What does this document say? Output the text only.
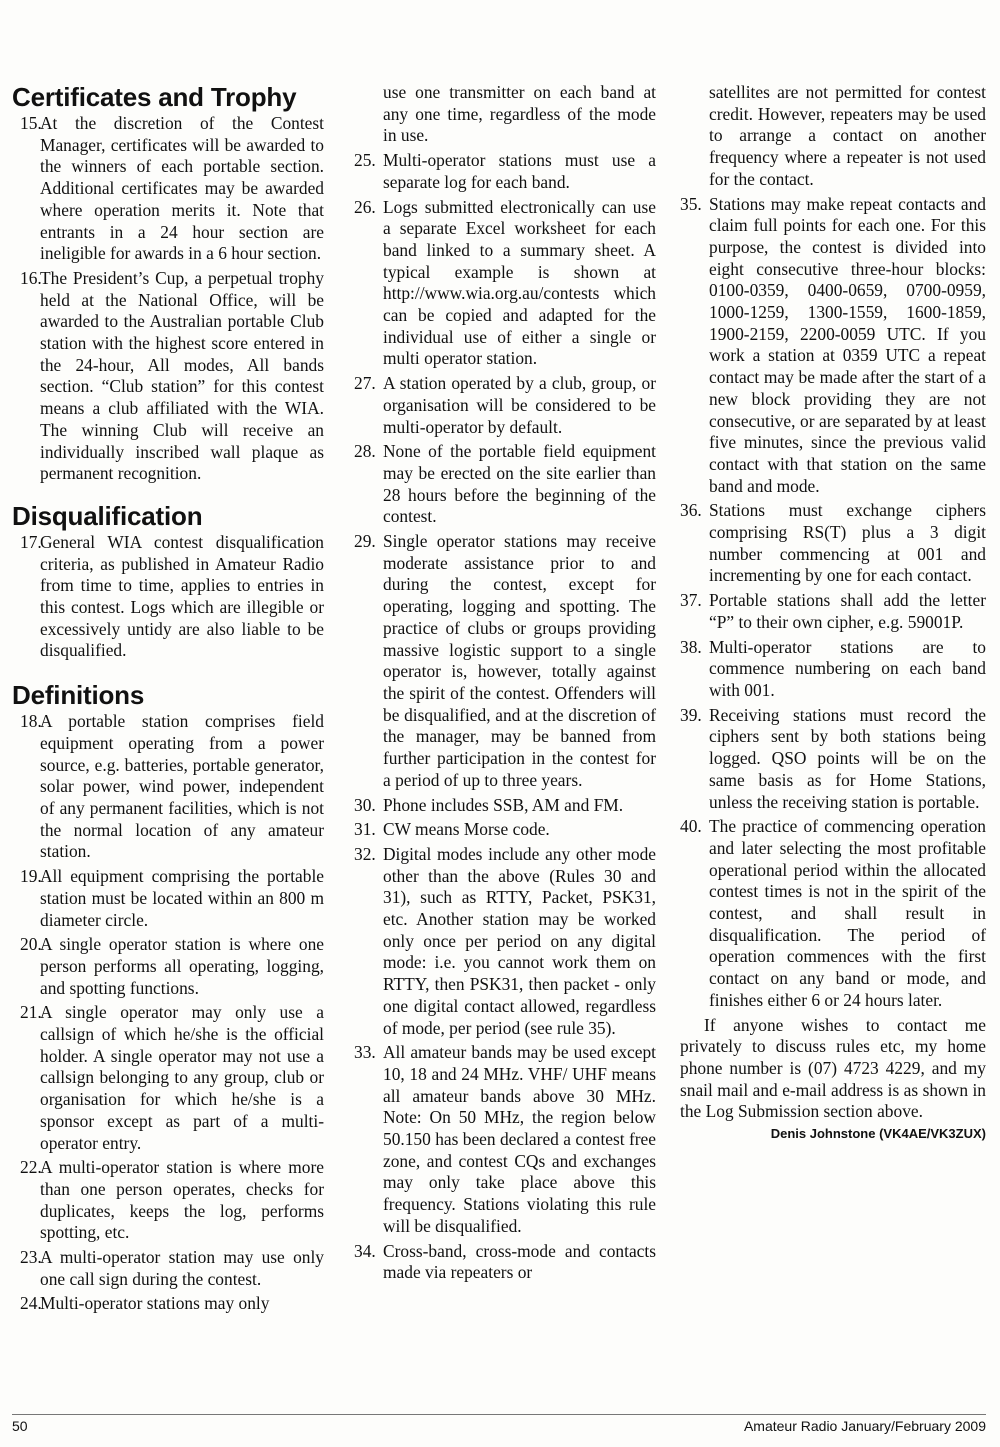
Certificates and Trophy

15.At the discretion of the Contest Manager, certificates will be awarded to the winners of each portable section. Additional certificates may be awarded where operation merits it. Note that entrants in a 24 hour section are ineligible for awards in a 6 hour section.

16.The President’s Cup, a perpetual trophy held at the National Office, will be awarded to the Australian portable Club station with the highest score entered in the 24-hour, All modes, All bands section. “Club station” for this contest means a club affiliated with the WIA. The winning Club will receive an individually inscribed wall plaque as permanent recognition.

Disqualification

17.General WIA contest disqualification criteria, as published in Amateur Radio from time to time, applies to entries in this contest. Logs which are illegible or excessively untidy are also liable to be disqualified.

Definitions

18.A portable station comprises field equipment operating from a power source, e.g. batteries, portable generator, solar power, wind power, independent of any permanent facilities, which is not the normal location of any amateur station.

19.All equipment comprising the portable station must be located within an 800 m diameter circle.

20.A single operator station is where one person performs all operating, logging, and spotting functions.

21.A single operator may only use a callsign of which he/she is the official holder. A single operator may not use a callsign belonging to any group, club or organisation for which he/she is a sponsor except as part of a multi-operator entry.

22.A multi-operator station is where more than one person operates, checks for duplicates, keeps the log, performs spotting, etc.

23.A multi-operator station may use only one call sign during the contest.

24.Multi-operator stations may only

use one transmitter on each band at any one time, regardless of the mode in use.

25. Multi-operator stations must use a separate log for each band.

26. Logs submitted electronically can use a separate Excel worksheet for each band linked to a summary sheet. A typical example is shown at http://www.wia.org.au/contests which can be copied and adapted for the individual use of either a single or multi operator station.

27. A station operated by a club, group, or organisation will be considered to be multi-operator by default.

28. None of the portable field equipment may be erected on the site earlier than 28 hours before the beginning of the contest.

29. Single operator stations may receive moderate assistance prior to and during the contest, except for operating, logging and spotting. The practice of clubs or groups providing massive logistic support to a single operator is, however, totally against the spirit of the contest. Offenders will be disqualified, and at the discretion of the manager, may be banned from further participation in the contest for a period of up to three years.

30. Phone includes SSB, AM and FM.

31. CW means Morse code.

32. Digital modes include any other mode other than the above (Rules 30 and 31), such as RTTY, Packet, PSK31, etc. Another station may be worked only once per period on any digital mode: i.e. you cannot work them on RTTY, then PSK31, then packet - only one digital contact allowed, regardless of mode, per period (see rule 35).

33. All amateur bands may be used except 10, 18 and 24 MHz. VHF/ UHF means all amateur bands above 30 MHz. Note: On 50 MHz, the region below 50.150 has been declared a contest free zone, and contest CQs and exchanges may only take place above this frequency. Stations violating this rule will be disqualified.

34. Cross-band, cross-mode and contacts made via repeaters or

satellites are not permitted for contest credit. However, repeaters may be used to arrange a contact on another frequency where a repeater is not used for the contact.

35. Stations may make repeat contacts and claim full points for each one. For this purpose, the contest is divided into eight consecutive three-hour blocks: 0100-0359, 0400-0659, 0700-0959, 1000-1259, 1300-1559, 1600-1859, 1900-2159, 2200-0059 UTC. If you work a station at 0359 UTC a repeat contact may be made after the start of a new block providing they are not consecutive, or are separated by at least five minutes, since the previous valid contact with that station on the same band and mode.

36. Stations must exchange ciphers comprising RS(T) plus a 3 digit number commencing at 001 and incrementing by one for each contact.

37. Portable stations shall add the letter “P” to their own cipher, e.g. 59001P.

38. Multi-operator stations are to commence numbering on each band with 001.

39. Receiving stations must record the ciphers sent by both stations being logged. QSO points will be on the same basis as for Home Stations, unless the receiving station is portable.

40. The practice of commencing operation and later selecting the most profitable operational period within the allocated contest times is not in the spirit of the contest, and shall result in disqualification. The period of operation commences with the first contact on any band or mode, and finishes either 6 or 24 hours later.

If anyone wishes to contact me privately to discuss rules etc, my home phone number is (07) 4723 4229, and my snail mail and e-mail address is as shown in the Log Submission section above.

Denis Johnstone (VK4AE/VK3ZUX)
50	Amateur Radio January/February 2009
